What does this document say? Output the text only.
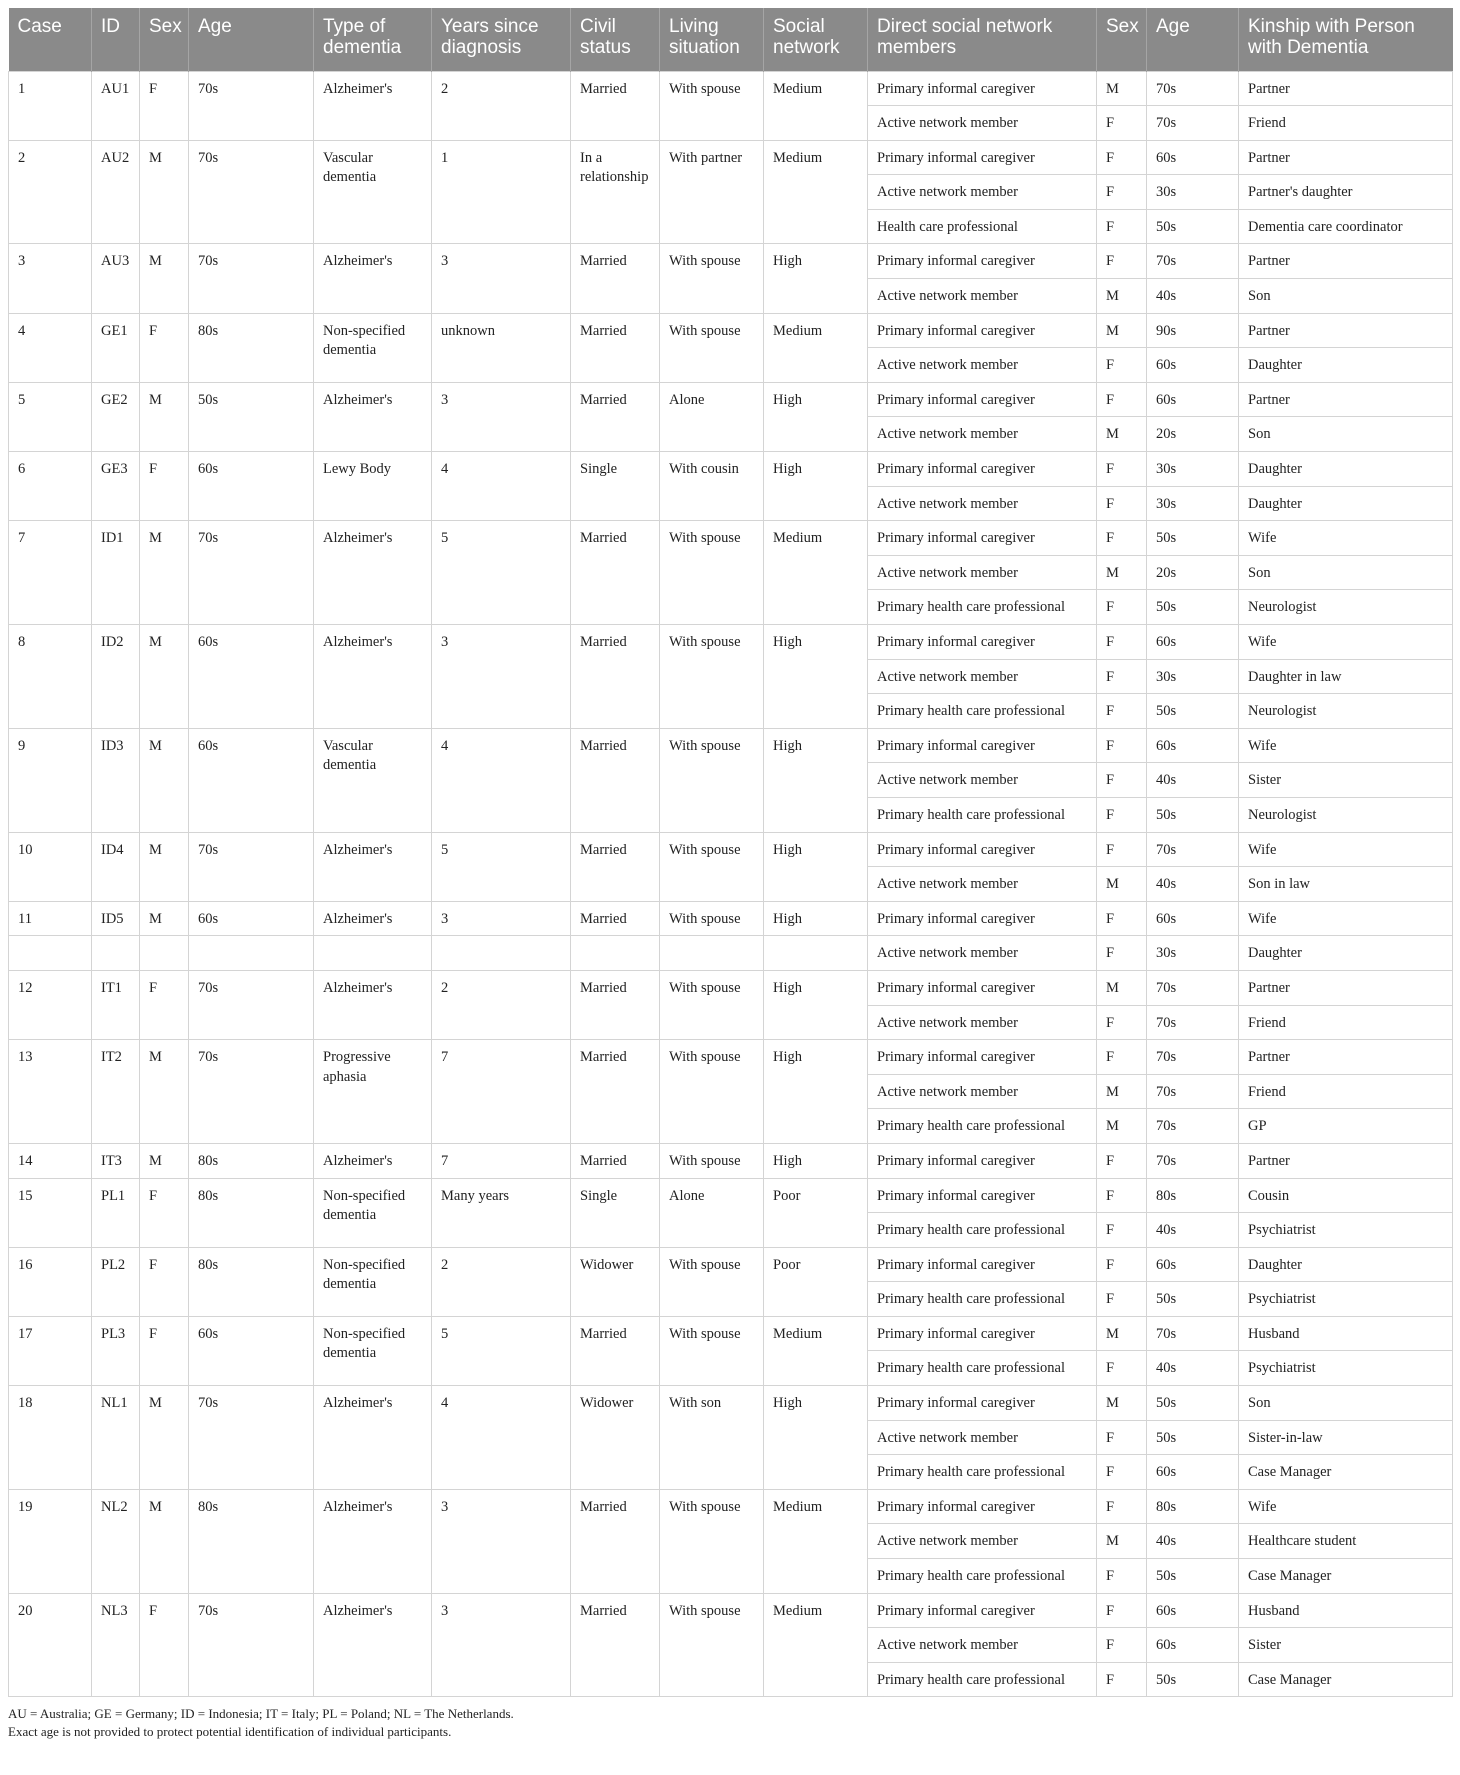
Case	ID	Sex	Age	Type of dementia	Years since diagnosis	Civil status	Living situation	Social network	Direct social network members	Sex	Age	Kinship with Person with Dementia
1	AU1	F	70s	Alzheimer's	2	Married	With spouse	Medium	Primary informal caregiver	M	70s	Partner
									Active network member	F	70s	Friend
2	AU2	M	70s	Vascular dementia	1	In a relationship	With partner	Medium	Primary informal caregiver	F	60s	Partner
									Active network member	F	30s	Partner's daughter
									Health care professional	F	50s	Dementia care coordinator
3	AU3	M	70s	Alzheimer's	3	Married	With spouse	High	Primary informal caregiver	F	70s	Partner
									Active network member	M	40s	Son
4	GE1	F	80s	Non-specified dementia	unknown	Married	With spouse	Medium	Primary informal caregiver	M	90s	Partner
									Active network member	F	60s	Daughter
5	GE2	M	50s	Alzheimer's	3	Married	Alone	High	Primary informal caregiver	F	60s	Partner
									Active network member	M	20s	Son
6	GE3	F	60s	Lewy Body	4	Single	With cousin	High	Primary informal caregiver	F	30s	Daughter
									Active network member	F	30s	Daughter
7	ID1	M	70s	Alzheimer's	5	Married	With spouse	Medium	Primary informal caregiver	F	50s	Wife
									Active network member	M	20s	Son
									Primary health care professional	F	50s	Neurologist
8	ID2	M	60s	Alzheimer's	3	Married	With spouse	High	Primary informal caregiver	F	60s	Wife
									Active network member	F	30s	Daughter in law
									Primary health care professional	F	50s	Neurologist
9	ID3	M	60s	Vascular dementia	4	Married	With spouse	High	Primary informal caregiver	F	60s	Wife
									Active network member	F	40s	Sister
									Primary health care professional	F	50s	Neurologist
10	ID4	M	70s	Alzheimer's	5	Married	With spouse	High	Primary informal caregiver	F	70s	Wife
									Active network member	M	40s	Son in law
11	ID5	M	60s	Alzheimer's	3	Married	With spouse	High	Primary informal caregiver	F	60s	Wife
									Active network member	F	30s	Daughter
12	IT1	F	70s	Alzheimer's	2	Married	With spouse	High	Primary informal caregiver	M	70s	Partner
									Active network member	F	70s	Friend
13	IT2	M	70s	Progressive aphasia	7	Married	With spouse	High	Primary informal caregiver	F	70s	Partner
									Active network member	M	70s	Friend
									Primary health care professional	M	70s	GP
14	IT3	M	80s	Alzheimer's	7	Married	With spouse	High	Primary informal caregiver	F	70s	Partner
15	PL1	F	80s	Non-specified dementia	Many years	Single	Alone	Poor	Primary informal caregiver	F	80s	Cousin
									Primary health care professional	F	40s	Psychiatrist
16	PL2	F	80s	Non-specified dementia	2	Widower	With spouse	Poor	Primary informal caregiver	F	60s	Daughter
									Primary health care professional	F	50s	Psychiatrist
17	PL3	F	60s	Non-specified dementia	5	Married	With spouse	Medium	Primary informal caregiver	M	70s	Husband
									Primary health care professional	F	40s	Psychiatrist
18	NL1	M	70s	Alzheimer's	4	Widower	With son	High	Primary informal caregiver	M	50s	Son
									Active network member	F	50s	Sister-in-law
									Primary health care professional	F	60s	Case Manager
19	NL2	M	80s	Alzheimer's	3	Married	With spouse	Medium	Primary informal caregiver	F	80s	Wife
									Active network member	M	40s	Healthcare student
									Primary health care professional	F	50s	Case Manager
20	NL3	F	70s	Alzheimer's	3	Married	With spouse	Medium	Primary informal caregiver	F	60s	Husband
									Active network member	F	60s	Sister
									Primary health care professional	F	50s	Case Manager
AU = Australia; GE = Germany; ID = Indonesia; IT = Italy; PL = Poland; NL = The Netherlands.
Exact age is not provided to protect potential identification of individual participants.
